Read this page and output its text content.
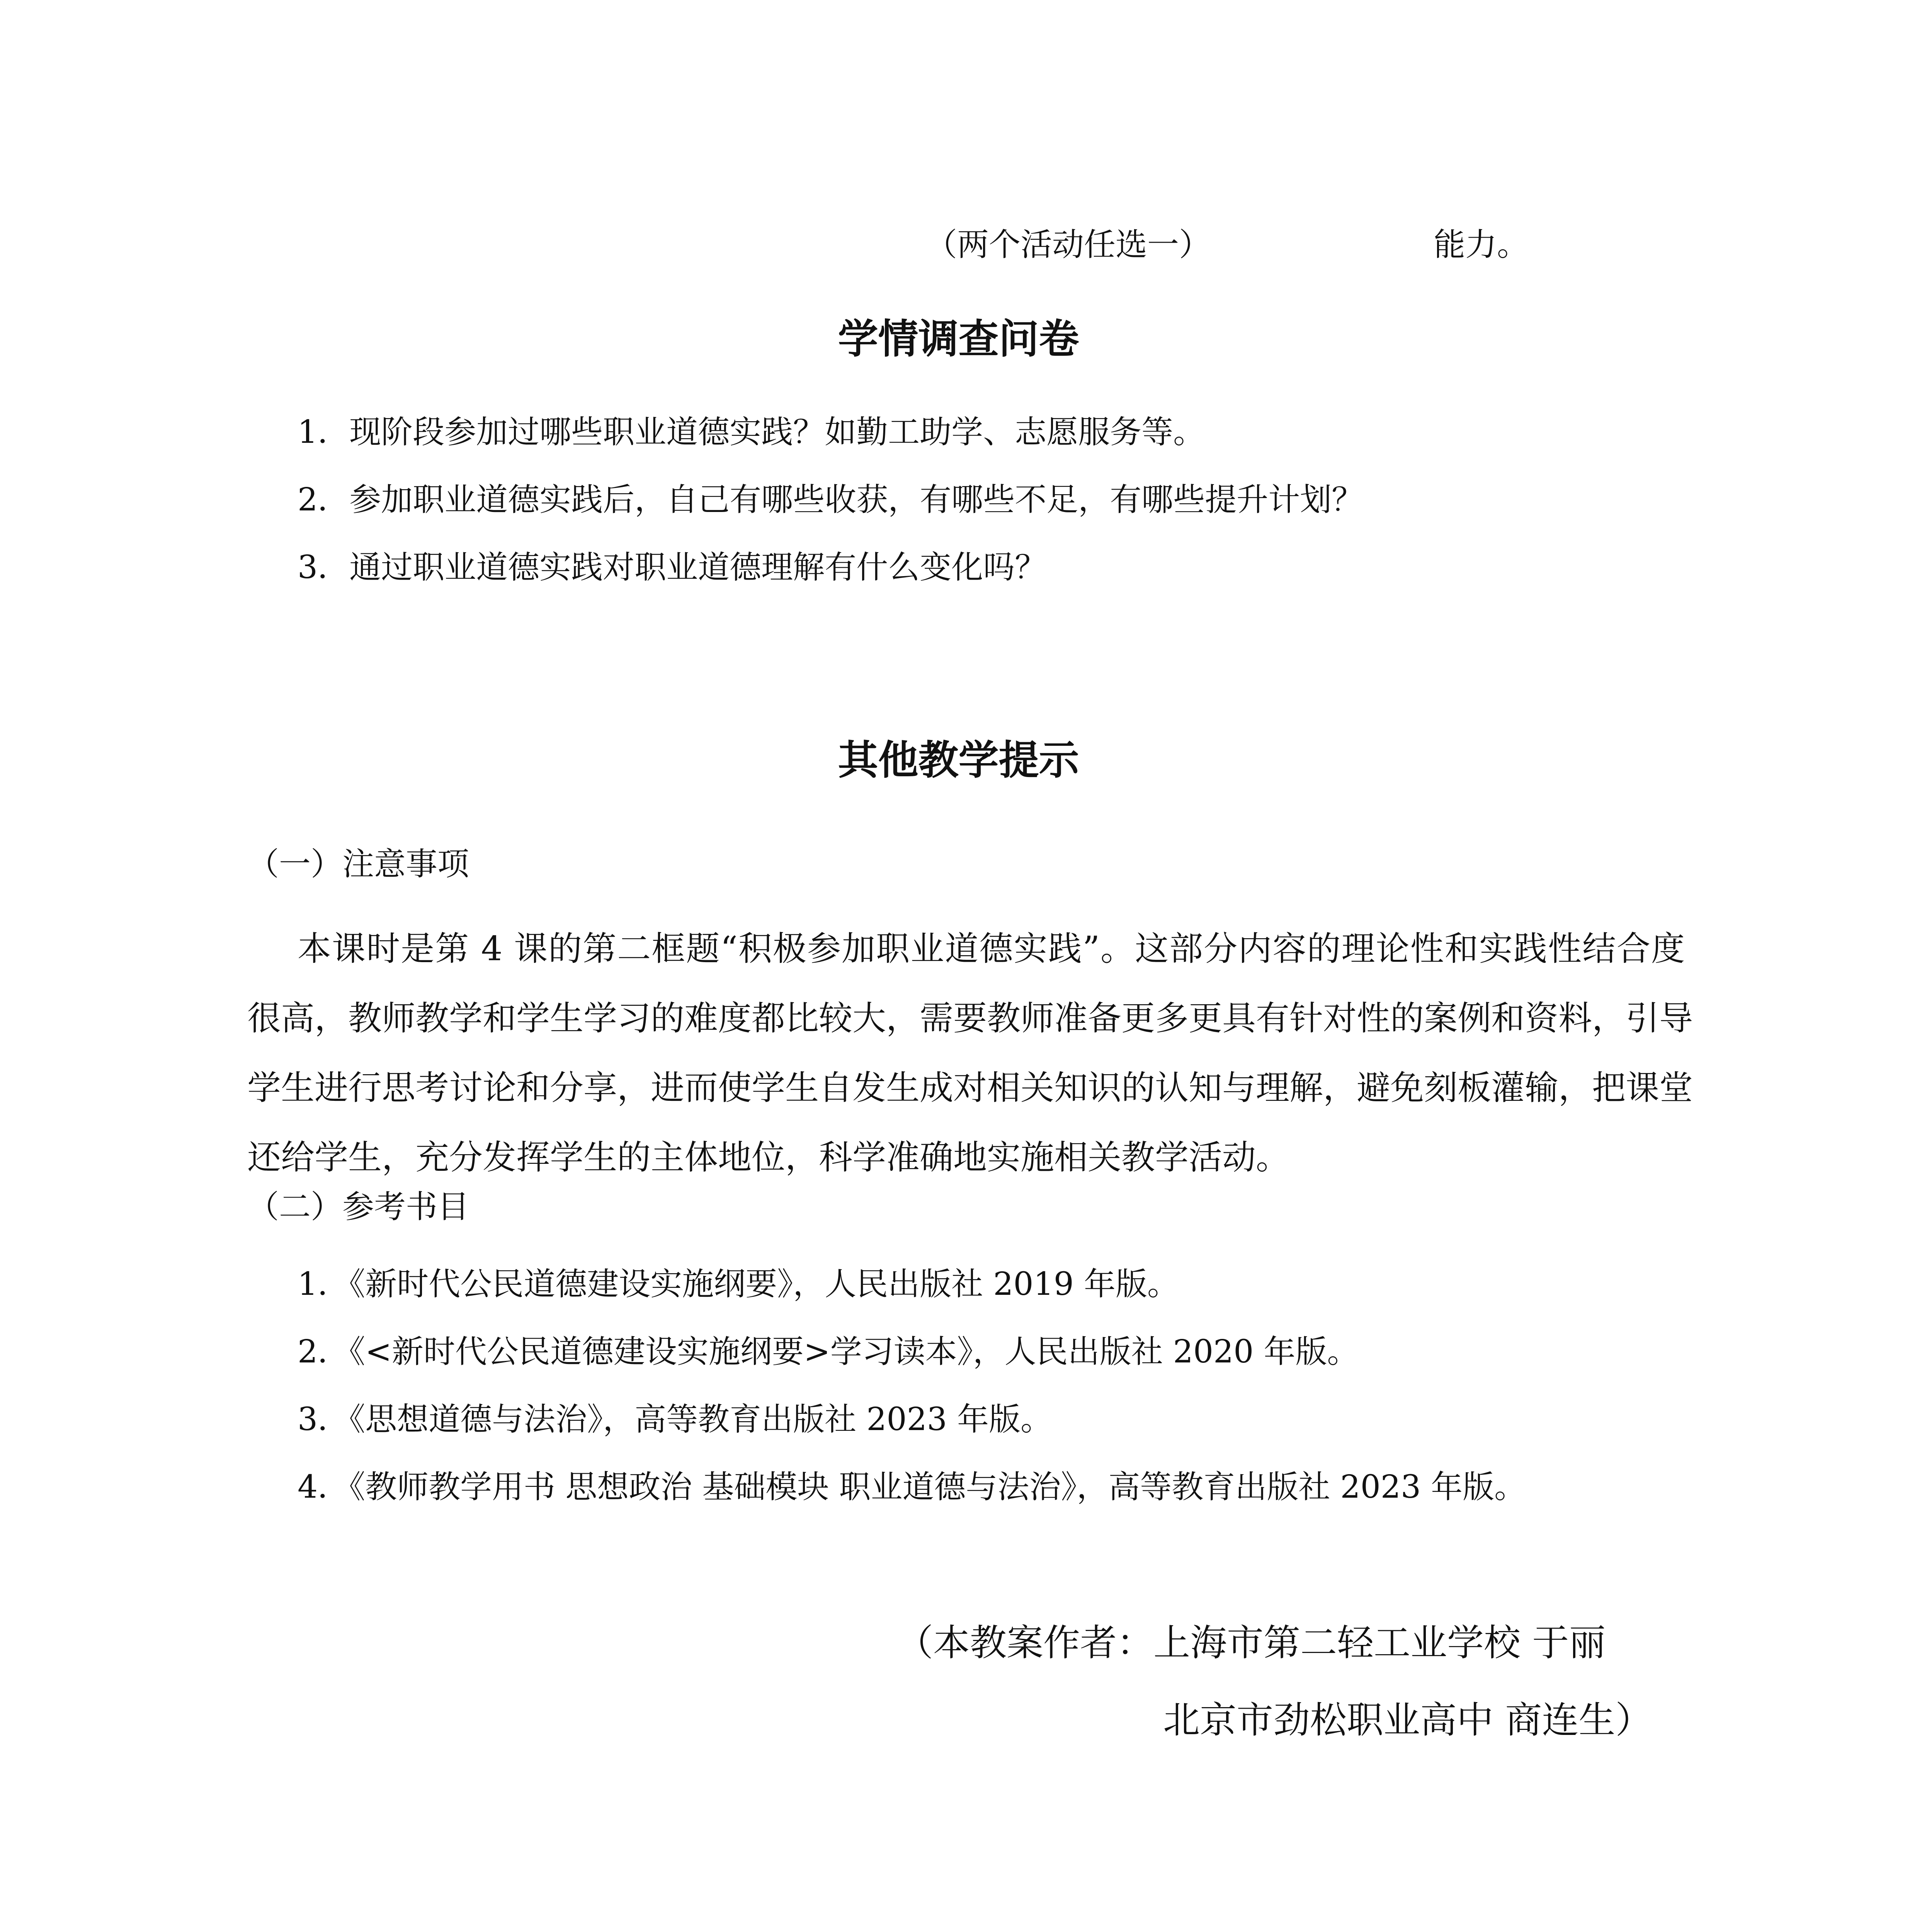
（两个活动任选一）	能力。

学情调查问卷

1．现阶段参加过哪些职业道德实践？如勤工助学、志愿服务等。

2．参加职业道德实践后，自己有哪些收获，有哪些不足，有哪些提升计划？

3．通过职业道德实践对职业道德理解有什么变化吗？

其他教学提示

（一）注意事项

本课时是第 4 课的第二框题“积极参加职业道德实践”。这部分内容的理论性和实践性结合度
很高，教师教学和学生学习的难度都比较大，需要教师准备更多更具有针对性的案例和资料，引导
学生进行思考讨论和分享，进而使学生自发生成对相关知识的认知与理解，避免刻板灌输，把课堂
还给学生，充分发挥学生的主体地位，科学准确地实施相关教学活动。

（二）参考书目

1．《新时代公民道德建设实施纲要》，人民出版社 2019 年版。

2．《<新时代公民道德建设实施纲要>学习读本》，人民出版社 2020 年版。

3．《思想道德与法治》，高等教育出版社 2023 年版。

4．《教师教学用书 思想政治 基础模块 职业道德与法治》，高等教育出版社 2023 年版。

（本教案作者：上海市第二轻工业学校 于丽

北京市劲松职业高中 商连生）
